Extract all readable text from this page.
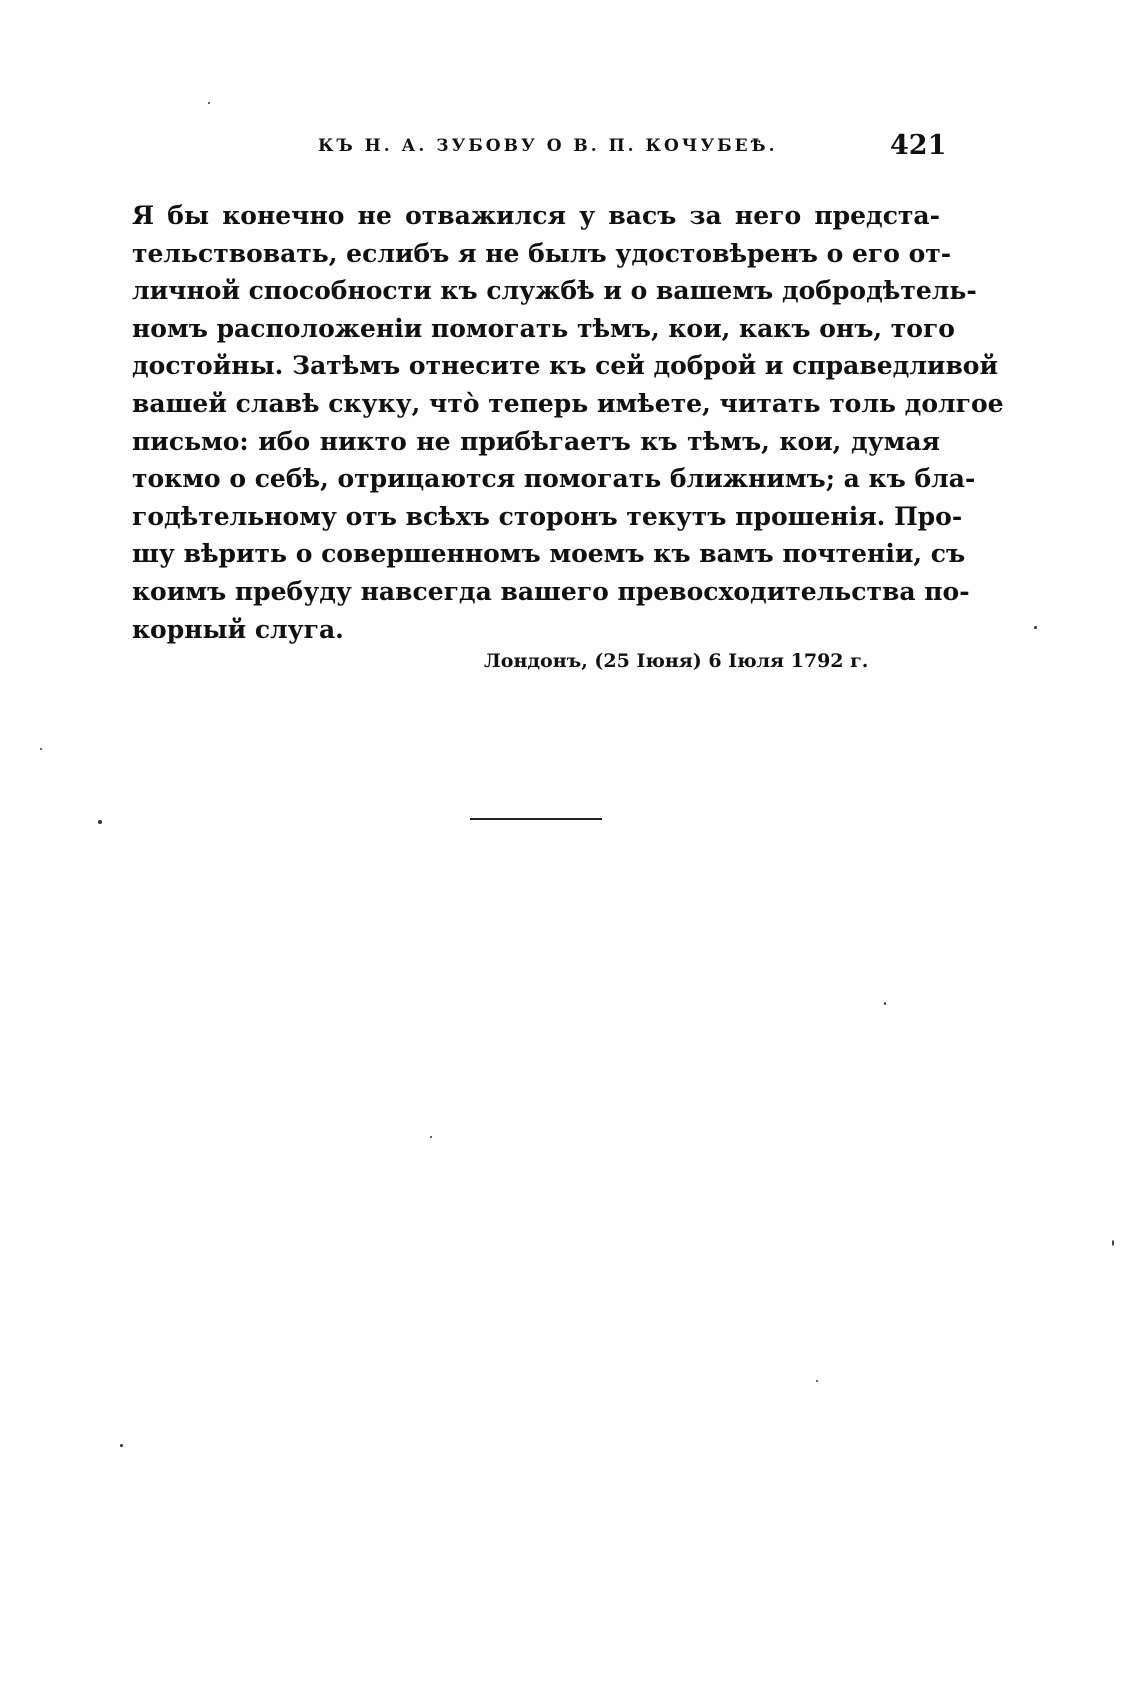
КЪ Н. А. ЗУБОВУ О В. П. КОЧУБЕѢ.	421
Я бы конечно не отважился у васъ за него предста-
тельствовать, еслибъ я не былъ удостовѣренъ о его от-
личной способности къ службѣ и о вашемъ добродѣтель-
номъ расположеніи помогать тѣмъ, кои, какъ онъ, того
достойны. Затѣмъ отнесите къ сей доброй и справедливой
вашей славѣ скуку, что̀ теперь имѣете, читать толь долгое
письмо: ибо никто не прибѣгаетъ къ тѣмъ, кои, думая
токмо о себѣ, отрицаются помогать ближнимъ; а къ бла-
годѣтельному отъ всѣхъ сторонъ текутъ прошенія. Про-
шу вѣрить о совершенномъ моемъ къ вамъ почтеніи, съ
коимъ пребуду навсегда вашего превосходительства по-
корный слуга.
Лондонъ, (25 Іюня) 6 Іюля 1792 г.
